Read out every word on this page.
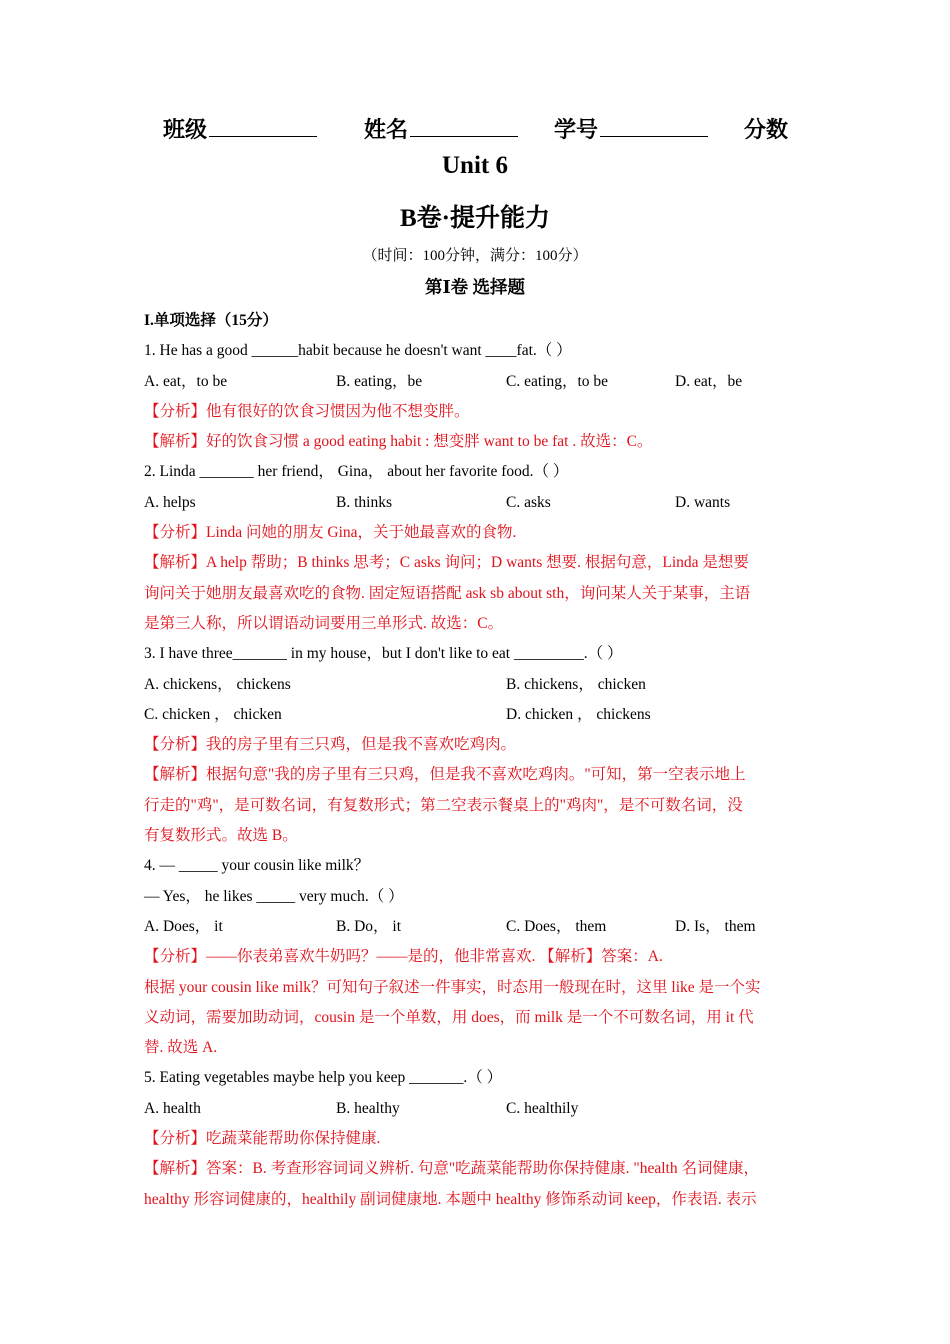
班级	姓名	学号	分数
Unit 6
B卷·提升能力
（时间：100分钟，满分：100分）
第Ⅰ卷 选择题
I.单项选择（15分）
1. He has a good ______habit because he doesn't want ____fat.（ ）
A. eat，to be	B. eating，be	C. eating，to be	D. eat，be
【分析】他有很好的饮食习惯因为他不想变胖。
【解析】好的饮食习惯 a good eating habit : 想变胖 want to be fat . 故选：C。
2. Linda _______ her friend， Gina， about her favorite food.（ ）
A. helps	B. thinks	C. asks	D. wants
【分析】Linda 问她的朋友 Gina，关于她最喜欢的食物.
【解析】A help 帮助；B thinks 思考；C asks 询问；D wants 想要. 根据句意，Linda 是想要
询问关于她朋友最喜欢吃的食物. 固定短语搭配 ask sb about sth，询问某人关于某事，主语
是第三人称，所以谓语动词要用三单形式. 故选：C。
3. I have three_______ in my house，but I don't like to eat _________.（ ）
A. chickens， chickens	B. chickens， chicken
C. chicken ， chicken	D. chicken ， chickens
【分析】我的房子里有三只鸡，但是我不喜欢吃鸡肉。
【解析】根据句意"我的房子里有三只鸡，但是我不喜欢吃鸡肉。"可知，第一空表示地上
行走的"鸡"，是可数名词，有复数形式；第二空表示餐桌上的"鸡肉"，是不可数名词，没
有复数形式。故选 B。
4. — _____ your cousin like milk？
— Yes， he likes _____ very much.（ ）
A. Does， it	B. Do， it	C. Does， them	D. Is， them
【分析】——你表弟喜欢牛奶吗？——是的，他非常喜欢. 【解析】答案：A.
根据 your cousin like milk？可知句子叙述一件事实，时态用一般现在时，这里 like 是一个实
义动词，需要加助动词，cousin 是一个单数，用 does，而 milk 是一个不可数名词，用 it 代
替. 故选 A.
5. Eating vegetables maybe help you keep _______.（ ）
A. health	B. healthy	C. healthily
【分析】吃蔬菜能帮助你保持健康.
【解析】答案：B. 考查形容词词义辨析. 句意"吃蔬菜能帮助你保持健康. "health 名词健康，
healthy 形容词健康的，healthily 副词健康地. 本题中 healthy 修饰系动词 keep，作表语. 表示
